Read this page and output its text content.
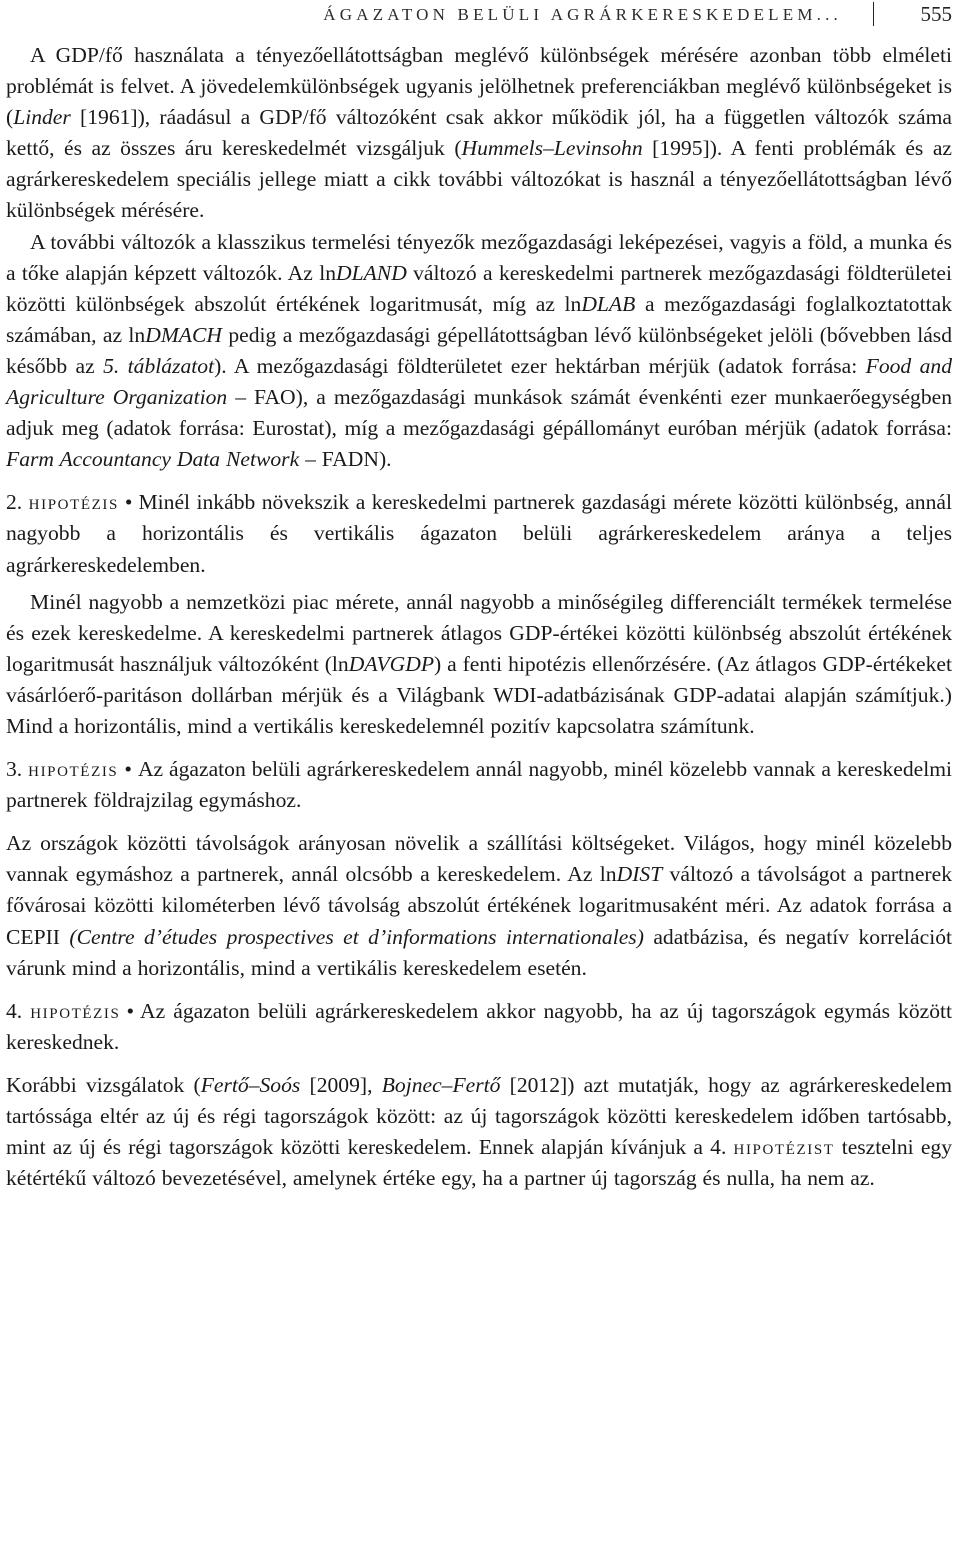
ÁGAZATON BELÜLI AGRÁRKERESKEDELEM...	555

A GDP/fő használata a tényezőellátottságban meglévő különbségek mérésére azonban több elméleti problémát is felvet. A jövedelemkülönbségek ugyanis jelölhetnek preferenciákban meglévő különbségeket is (Linder [1961]), ráadásul a GDP/fő változóként csak akkor működik jól, ha a független változók száma kettő, és az összes áru kereskedelmét vizsgáljuk (Hummels–Levinsohn [1995]). A fenti problémák és az agrárkereskedelem speciális jellege miatt a cikk további változókat is használ a tényezőellátottságban lévő különbségek mérésére.

A további változók a klasszikus termelési tényezők mezőgazdasági leképezései, vagyis a föld, a munka és a tőke alapján képzett változók. Az lnDLAND változó a kereskedelmi partnerek mezőgazdasági földterületei közötti különbségek abszolút értékének logaritmusát, míg az lnDLAB a mezőgazdasági foglalkoztatottak számában, az lnDMACH pedig a mezőgazdasági gépellátottságban lévő különbségeket jelöli (bővebben lásd később az 5. táblázatot). A mezőgazdasági földterületet ezer hektárban mérjük (adatok forrása: Food and Agriculture Organization – FAO), a mezőgazdasági munkások számát évenkénti ezer munkaerőegységben adjuk meg (adatok forrása: Eurostat), míg a mezőgazdasági gépállományt euróban mérjük (adatok forrása: Farm Accountancy Data Network – FADN).

2. hipotézis • Minél inkább növekszik a kereskedelmi partnerek gazdasági mérete közötti különbség, annál nagyobb a horizontális és vertikális ágazaton belüli agrárkereskedelem aránya a teljes agrárkereskedelemben.

Minél nagyobb a nemzetközi piac mérete, annál nagyobb a minőségileg differenciált termékek termelése és ezek kereskedelme. A kereskedelmi partnerek átlagos GDP-értékei közötti különbség abszolút értékének logaritmusát használjuk változóként (lnDAVGDP) a fenti hipotézis ellenőrzésére. (Az átlagos GDP-értékeket vásárlóerő-paritáson dollárban mérjük és a Világbank WDI-adatbázisának GDP-adatai alapján számítjuk.) Mind a horizontális, mind a vertikális kereskedelemnél pozitív kapcsolatra számítunk.

3. hipotézis • Az ágazaton belüli agrárkereskedelem annál nagyobb, minél közelebb vannak a kereskedelmi partnerek földrajzilag egymáshoz.

Az országok közötti távolságok arányosan növelik a szállítási költségeket. Világos, hogy minél közelebb vannak egymáshoz a partnerek, annál olcsóbb a kereskedelem. Az lnDIST változó a távolságot a partnerek fővárosai közötti kilométerben lévő távolság abszolút értékének logaritmusaként méri. Az adatok forrása a CEPII (Centre d’études prospectives et d’informations internationales) adatbázisa, és negatív korrelációt várunk mind a horizontális, mind a vertikális kereskedelem esetén.

4. hipotézis • Az ágazaton belüli agrárkereskedelem akkor nagyobb, ha az új tagországok egymás között kereskednek.

Korábbi vizsgálatok (Fertő–Soós [2009], Bojnec–Fertő [2012]) azt mutatják, hogy az agrárkereskedelem tartóssága eltér az új és régi tagországok között: az új tagországok közötti kereskedelem időben tartósabb, mint az új és régi tagországok közötti kereskedelem. Ennek alapján kívánjuk a 4. hipotézist tesztelni egy kétértékű változó bevezetésével, amelynek értéke egy, ha a partner új tagország és nulla, ha nem az.
